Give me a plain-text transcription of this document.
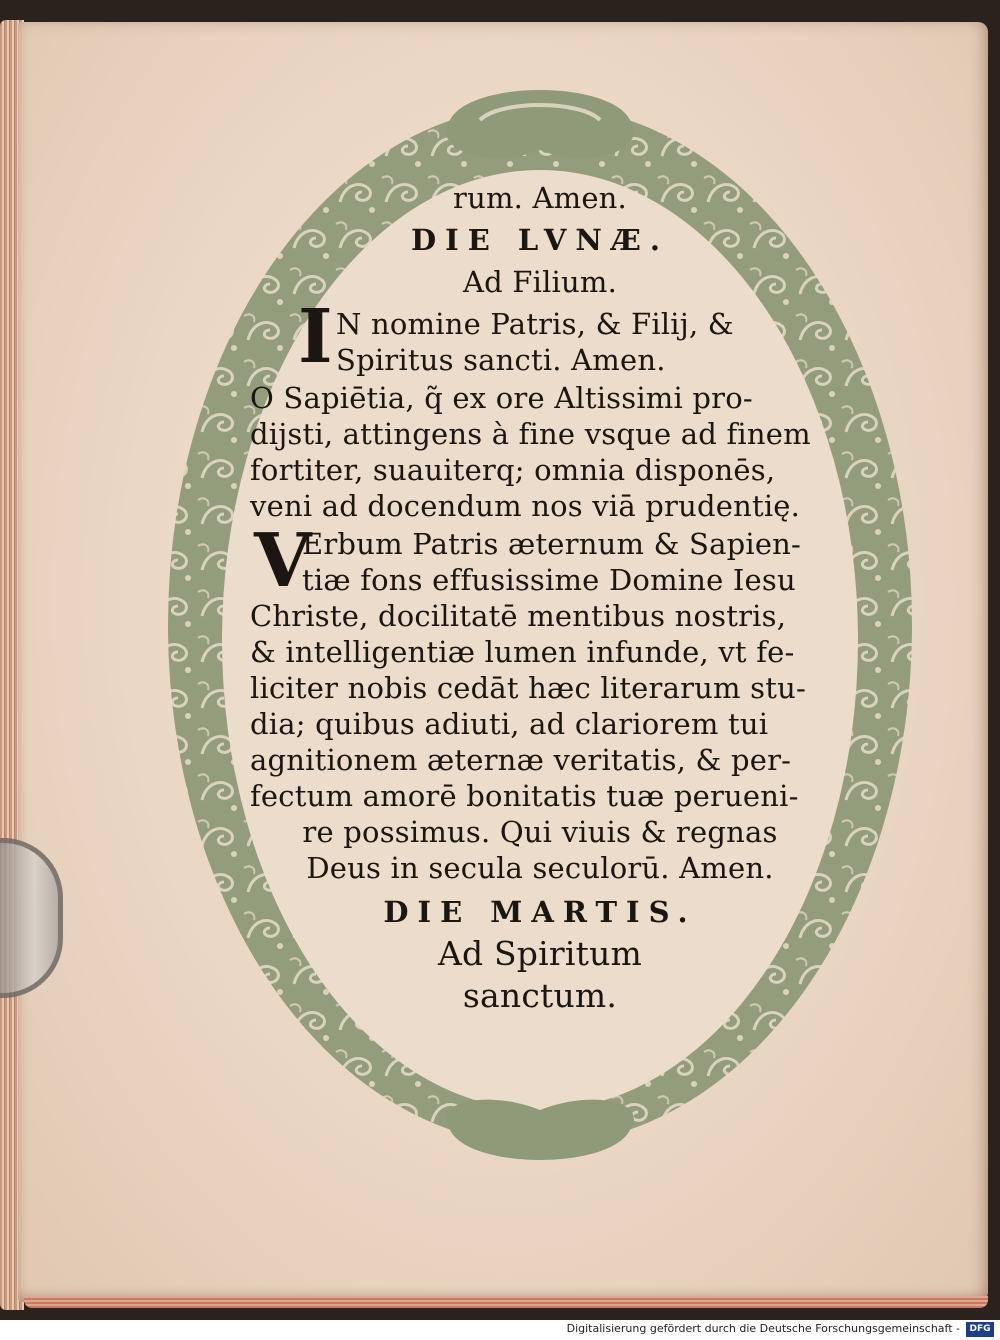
rum. Amen.
DIE LVNÆ.
Ad Filium.
I N nomine Patris, & Filij, &
Spiritus sancti. Amen.
O Sapiētia, q̃ ex ore Altissimi pro-
dijsti, attingens à fine vsque ad finem
fortiter, suauiterq; omnia disponēs,
veni ad docendum nos viā prudentię.
V
Erbum Patris æternum & Sapien-
tiæ fons effusissime Domine Iesu
Christe, docilitatē mentibus nostris,
& intelligentiæ lumen infunde, vt fe-
liciter nobis cedāt hæc literarum stu-
dia; quibus adiuti, ad clariorem tui
agnitionem æternæ veritatis, & per-
fectum amorē bonitatis tuæ perueni-
re possimus. Qui viuis & regnas
Deus in secula seculorū. Amen.
DIE MARTIS.
Ad Spiritum
sanctum.
Digitalisierung gefördert durch die Deutsche Forschungsgemeinschaft -	DFG
